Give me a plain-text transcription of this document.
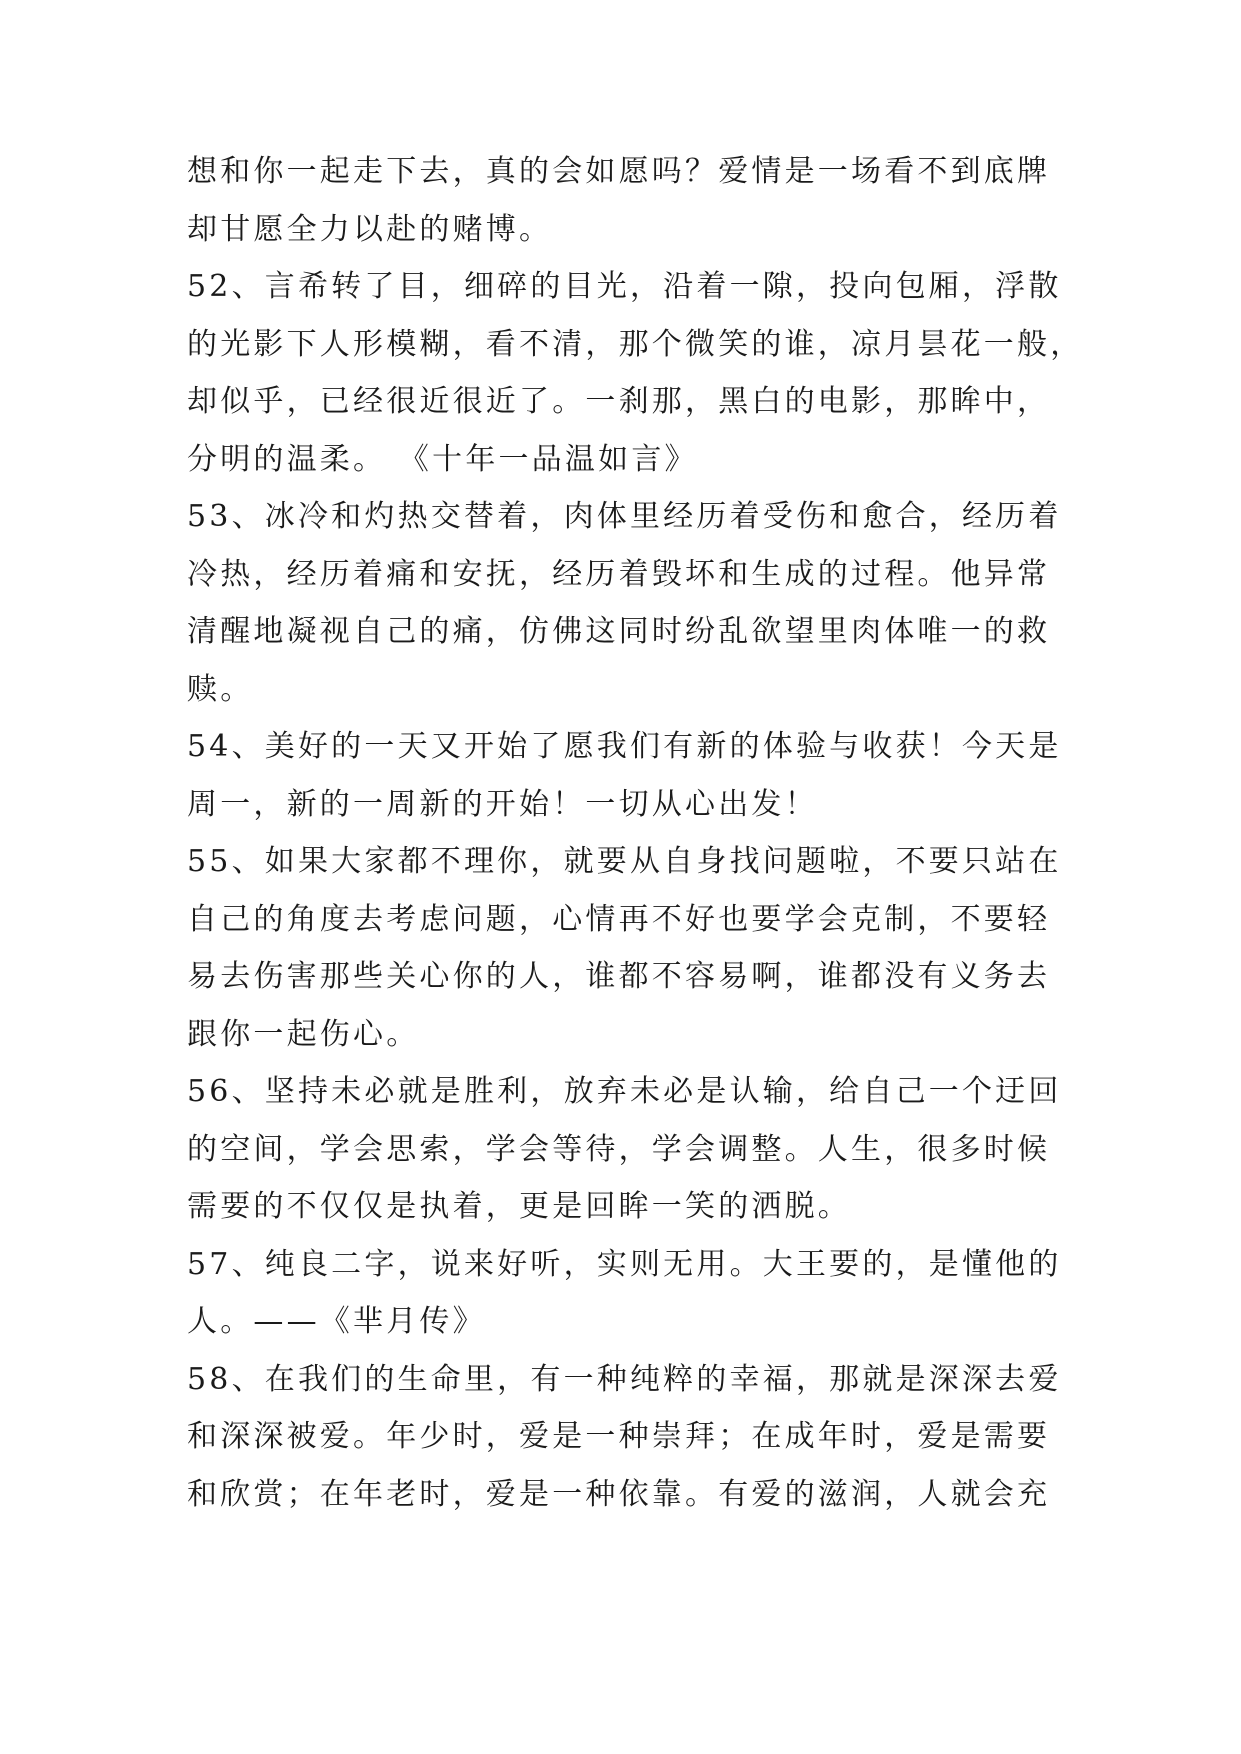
想和你一起走下去，真的会如愿吗？爱情是一场看不到底牌
却甘愿全力以赴的赌博。
52、言希转了目，细碎的目光，沿着一隙，投向包厢，浮散
的光影下人形模糊，看不清，那个微笑的谁，凉月昙花一般，
却似乎，已经很近很近了。一刹那，黑白的电影，那眸中，
分明的温柔。 《十年一品温如言》
53、冰冷和灼热交替着，肉体里经历着受伤和愈合，经历着
冷热，经历着痛和安抚，经历着毁坏和生成的过程。他异常
清醒地凝视自己的痛，仿佛这同时纷乱欲望里肉体唯一的救
赎。
54、美好的一天又开始了愿我们有新的体验与收获！今天是
周一，新的一周新的开始！一切从心出发！
55、如果大家都不理你，就要从自身找问题啦，不要只站在
自己的角度去考虑问题，心情再不好也要学会克制，不要轻
易去伤害那些关心你的人，谁都不容易啊，谁都没有义务去
跟你一起伤心。
56、坚持未必就是胜利，放弃未必是认输，给自己一个迂回
的空间，学会思索，学会等待，学会调整。人生，很多时候
需要的不仅仅是执着，更是回眸一笑的洒脱。
57、纯良二字，说来好听，实则无用。大王要的，是懂他的
人。——《芈月传》
58、在我们的生命里，有一种纯粹的幸福，那就是深深去爱
和深深被爱。年少时，爱是一种崇拜；在成年时，爱是需要
和欣赏；在年老时，爱是一种依靠。有爱的滋润，人就会充
